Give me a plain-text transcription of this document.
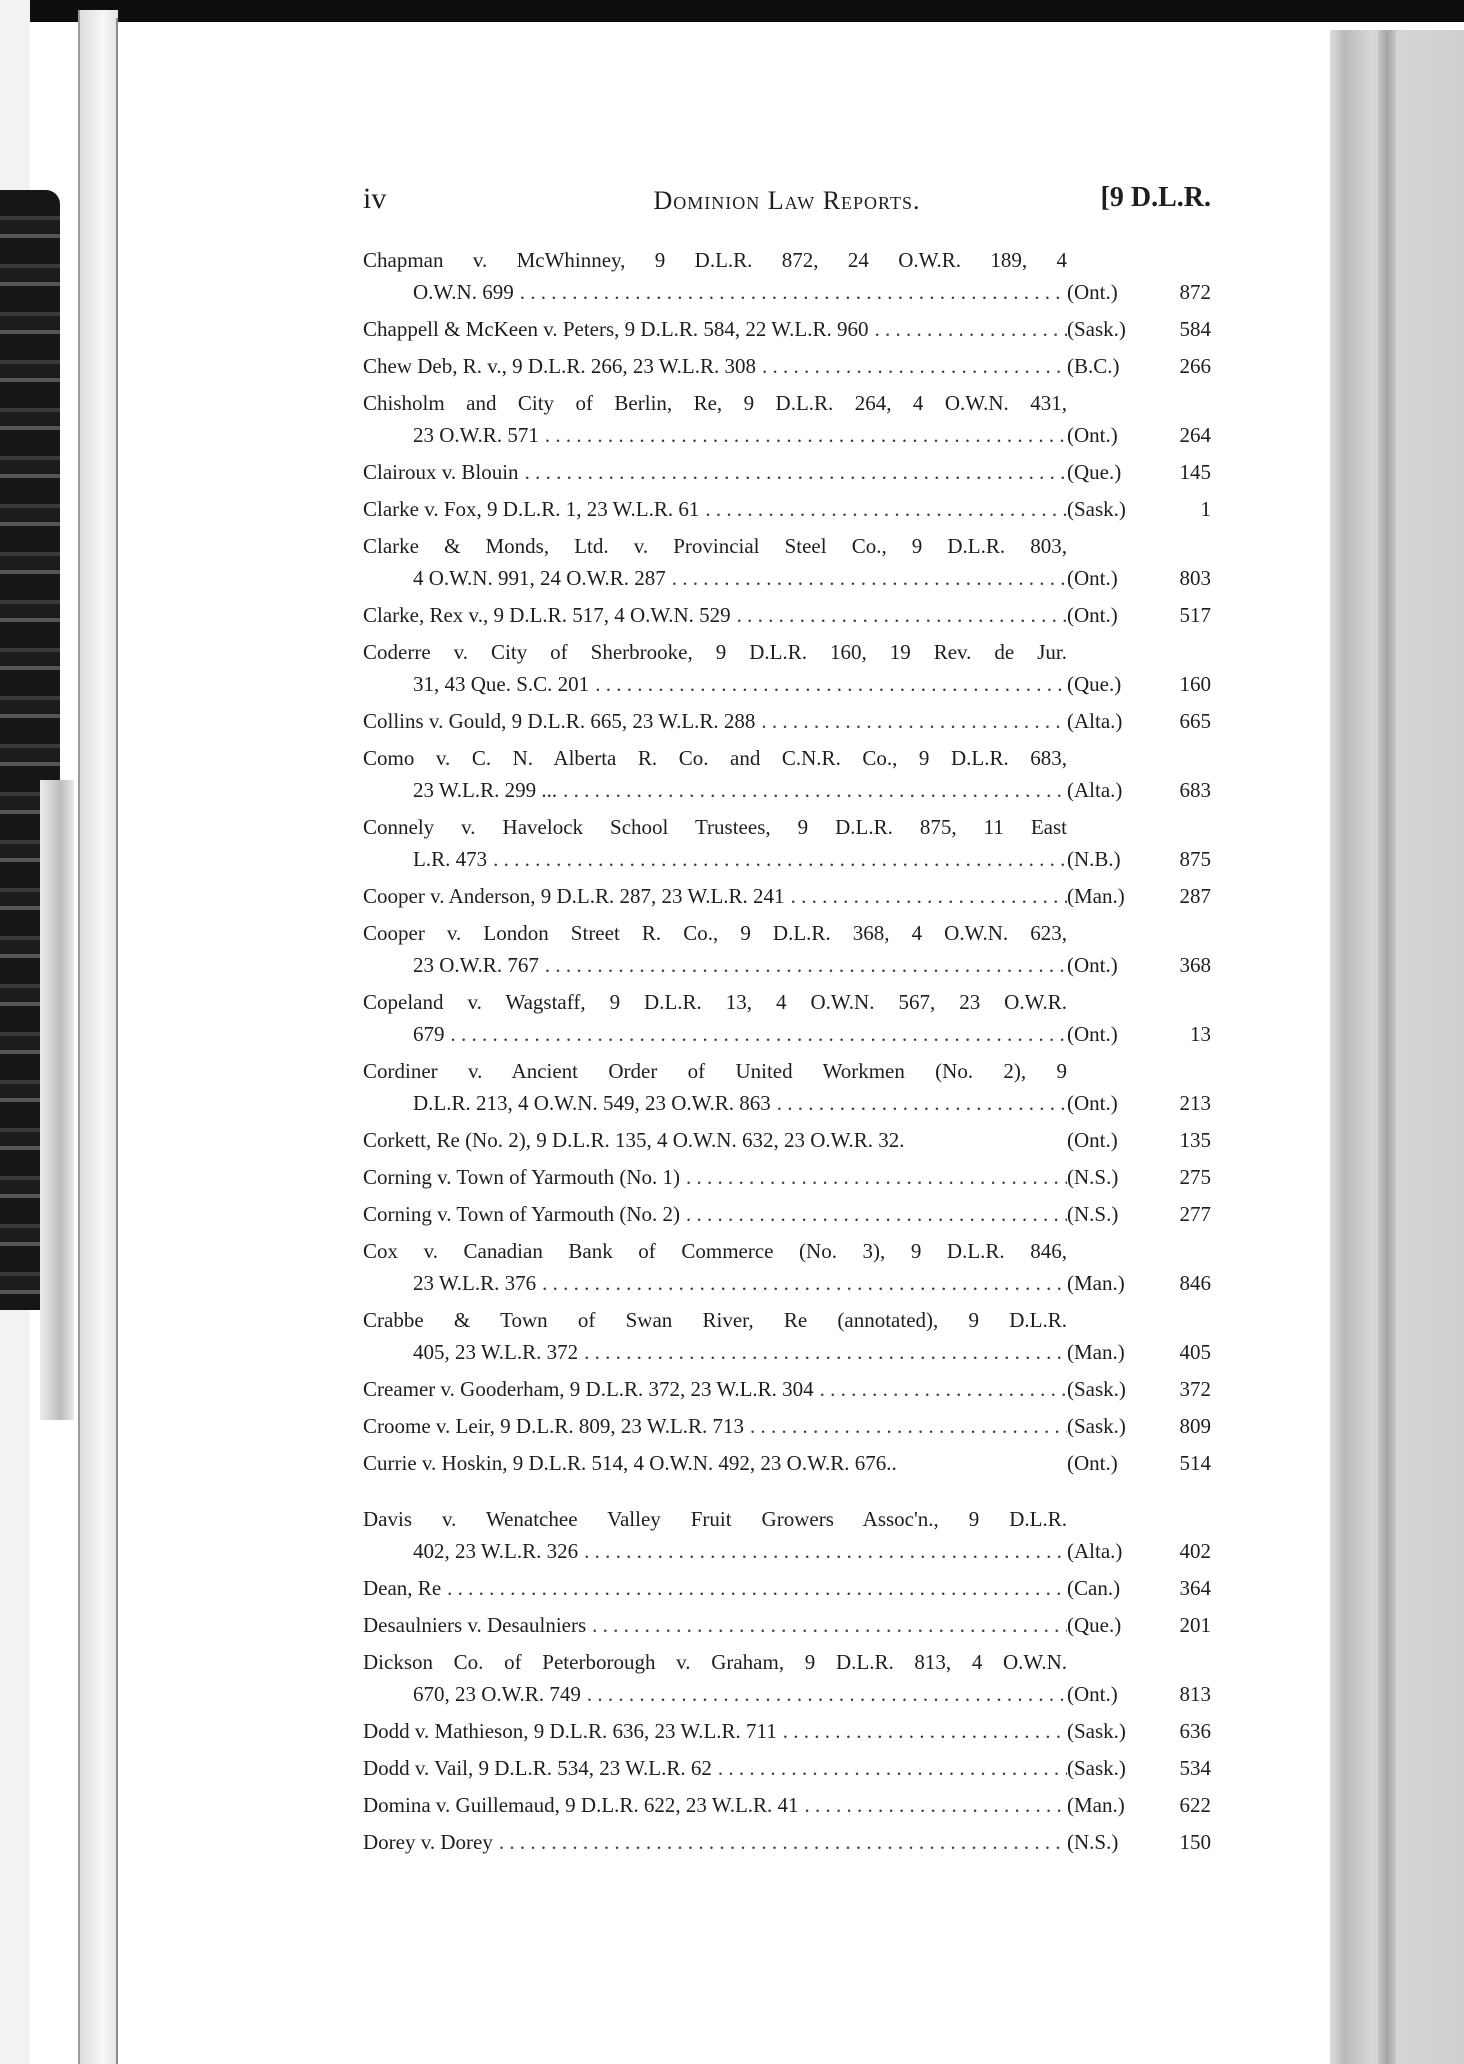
iv	Dominion Law Reports.	[9 D.L.R.
Chapman v. McWhinney, 9 D.L.R. 872, 24 O.W.R. 189, 4
O.W.N. 699 . . .	(Ont.)	872
Chappell & McKeen v. Peters, 9 D.L.R. 584, 22 W.L.R. 960 . . .	(Sask.)	584
Chew Deb, R. v., 9 D.L.R. 266, 23 W.L.R. 308 . . .	(B.C.)	266
Chisholm and City of Berlin, Re, 9 D.L.R. 264, 4 O.W.N. 431,
23 O.W.R. 571 . . .	(Ont.)	264
Clairoux v. Blouin . . .	(Que.)	145
Clarke v. Fox, 9 D.L.R. 1, 23 W.L.R. 61 . . .	(Sask.)	1
Clarke & Monds, Ltd. v. Provincial Steel Co., 9 D.L.R. 803,
4 O.W.N. 991, 24 O.W.R. 287 . . .	(Ont.)	803
Clarke, Rex v., 9 D.L.R. 517, 4 O.W.N. 529 . . .	(Ont.)	517
Coderre v. City of Sherbrooke, 9 D.L.R. 160, 19 Rev. de Jur.
31, 43 Que. S.C. 201 . . .	(Que.)	160
Collins v. Gould, 9 D.L.R. 665, 23 W.L.R. 288 . . .	(Alta.)	665
Como v. C. N. Alberta R. Co. and C.N.R. Co., 9 D.L.R. 683,
23 W.L.R. 299 ... . . .	(Alta.)	683
Connely v. Havelock School Trustees, 9 D.L.R. 875, 11 East
L.R. 473 . . .	(N.B.)	875
Cooper v. Anderson, 9 D.L.R. 287, 23 W.L.R. 241 . . .	(Man.)	287
Cooper v. London Street R. Co., 9 D.L.R. 368, 4 O.W.N. 623,
23 O.W.R. 767 . . .	(Ont.)	368
Copeland v. Wagstaff, 9 D.L.R. 13, 4 O.W.N. 567, 23 O.W.R.
679 . . .	(Ont.)	13
Cordiner v. Ancient Order of United Workmen (No. 2), 9
D.L.R. 213, 4 O.W.N. 549, 23 O.W.R. 863 . . .	(Ont.)	213
Corkett, Re (No. 2), 9 D.L.R. 135, 4 O.W.N. 632, 23 O.W.R. 32.	(Ont.)	135
Corning v. Town of Yarmouth (No. 1) . . .	(N.S.)	275
Corning v. Town of Yarmouth (No. 2) . . .	(N.S.)	277
Cox v. Canadian Bank of Commerce (No. 3), 9 D.L.R. 846,
23 W.L.R. 376 . . .	(Man.)	846
Crabbe & Town of Swan River, Re (annotated), 9 D.L.R.
405, 23 W.L.R. 372 . . .	(Man.)	405
Creamer v. Gooderham, 9 D.L.R. 372, 23 W.L.R. 304 . . .	(Sask.)	372
Croome v. Leir, 9 D.L.R. 809, 23 W.L.R. 713 . . .	(Sask.)	809
Currie v. Hoskin, 9 D.L.R. 514, 4 O.W.N. 492, 23 O.W.R. 676..	(Ont.)	514
Davis v. Wenatchee Valley Fruit Growers Assoc'n., 9 D.L.R.
402, 23 W.L.R. 326 . . .	(Alta.)	402
Dean, Re . . .	(Can.)	364
Desaulniers v. Desaulniers . . .	(Que.)	201
Dickson Co. of Peterborough v. Graham, 9 D.L.R. 813, 4 O.W.N.
670, 23 O.W.R. 749 . . .	(Ont.)	813
Dodd v. Mathieson, 9 D.L.R. 636, 23 W.L.R. 711 . . .	(Sask.)	636
Dodd v. Vail, 9 D.L.R. 534, 23 W.L.R. 62 . . .	(Sask.)	534
Domina v. Guillemaud, 9 D.L.R. 622, 23 W.L.R. 41 . . .	(Man.)	622
Dorey v. Dorey . . .	(N.S.)	150
